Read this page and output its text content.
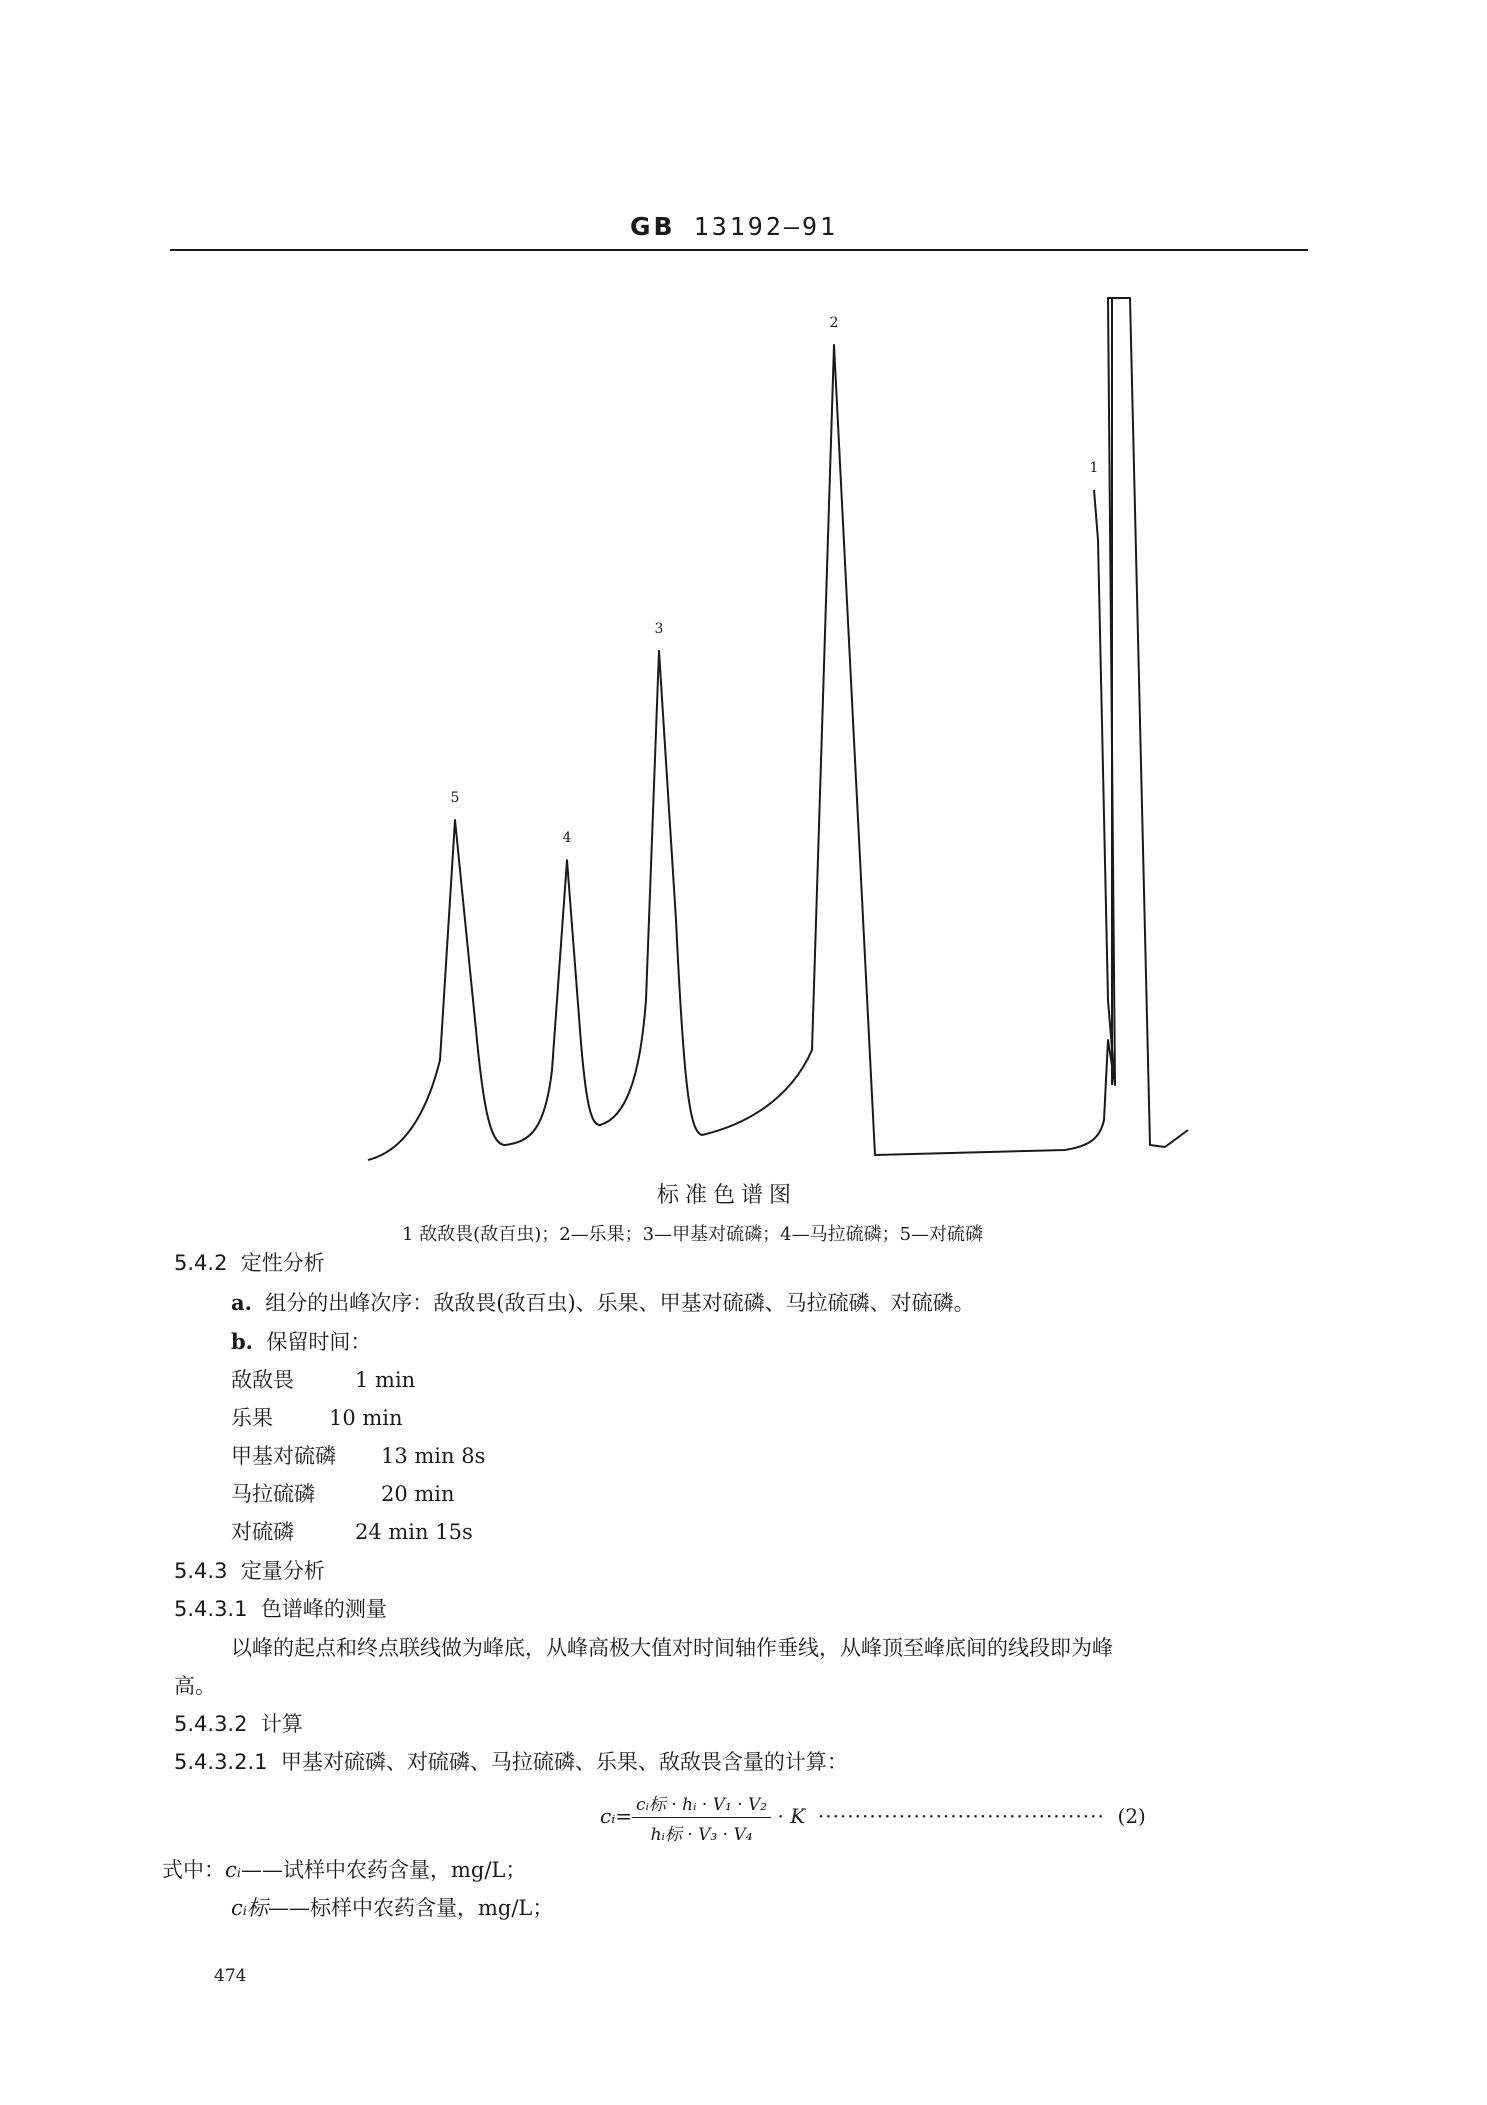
GB 13192—91
5
4
3
2
1
标准色谱图
1 敌敌畏(敌百虫)；2—乐果；3—甲基对硫磷；4—马拉硫磷；5—对硫磷
5.4.2 定性分析
a. 组分的出峰次序：敌敌畏(敌百虫)、乐果、甲基对硫磷、马拉硫磷、对硫磷。
b. 保留时间：
敌敌畏	1 min
乐果	10 min
甲基对硫磷 13 min 8s
马拉硫磷	20 min
对硫磷	24 min 15s
5.4.3 定量分析
5.4.3.1 色谱峰的测量
以峰的起点和终点联线做为峰底，从峰高极大值对时间轴作垂线，从峰顶至峰底间的线段即为峰
高。
5.4.3.2 计算
5.4.3.2.1 甲基对硫磷、对硫磷、马拉硫磷、乐果、敌敌畏含量的计算：
cᵢ= $\frac{\text{cᵢ标 · hᵢ · V₁ · V₂}}{\text{hᵢ标 · V₃ · V₄}} \cdot K$ ······································· (2)
式中：cᵢ——试样中农药含量，mg/L；
cᵢ标——标样中农药含量，mg/L；
474
